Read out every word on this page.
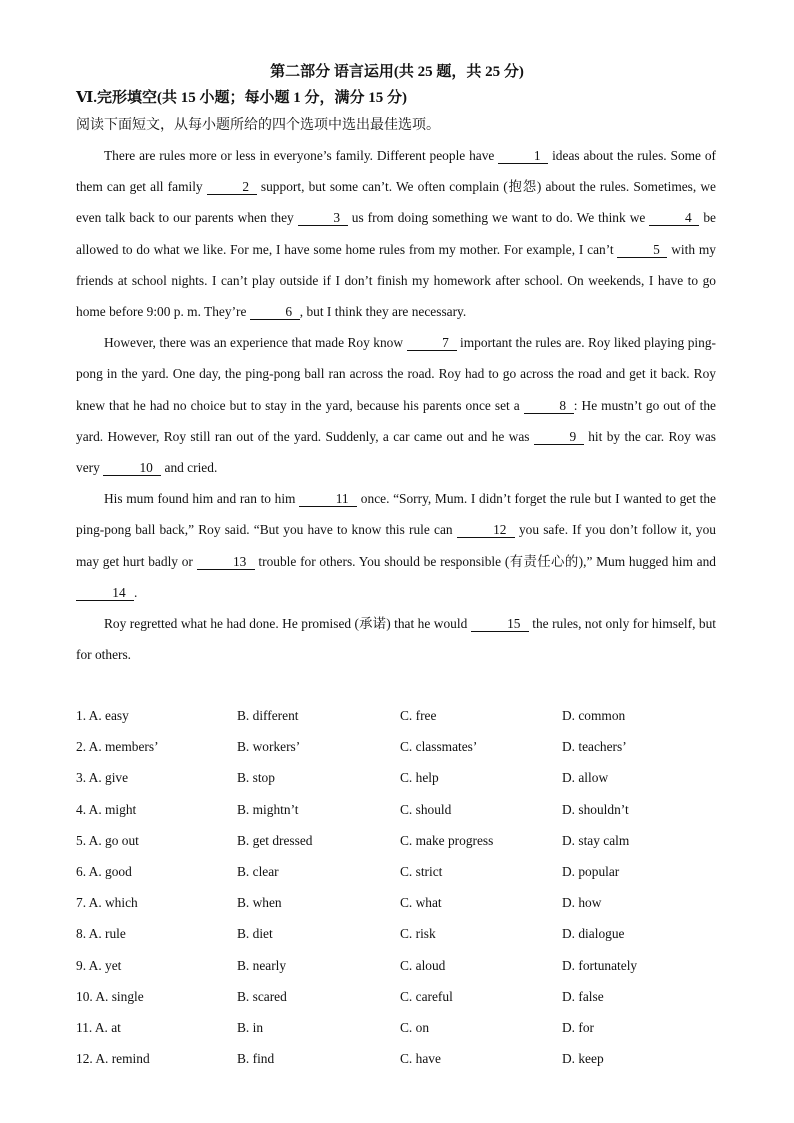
第二部分 语言运用(共 25 题，共 25 分)
Ⅵ.完形填空(共 15 小题；每小题 1 分，满分 15 分)
阅读下面短文，从每小题所给的四个选项中选出最佳选项。

There are rules more or less in everyone’s family. Different people have	1 ideas about the rules. Some of them can get all family	2 support, but some can’t. We often complain (抱怨) about the rules. Sometimes, we even talk back to our parents when they	3 us from doing something we want to do. We think we	4 be allowed to do what we like. For me, I have some home rules from my mother. For example, I can’t	5 with my friends at school nights. I can’t play outside if I don’t finish my homework after school. On weekends, I have to go home before 9:00 p. m. They’re	6 , but I think they are necessary.

However, there was an experience that made Roy know	7 important the rules are. Roy liked playing ping-pong in the yard. One day, the ping-pong ball ran across the road. Roy had to go across the road and get it back. Roy knew that he had no choice but to stay in the yard, because his parents once set a	8 : He mustn’t go out of the yard. However, Roy still ran out of the yard. Suddenly, a car came out and he was	9 hit by the car. Roy was very	10 and cried.

His mum found him and ran to him	11 once. “Sorry, Mum. I didn’t forget the rule but I wanted to get the ping-pong ball back,” Roy said. “But you have to know this rule can	12 you safe. If you don’t follow it, you may get hurt badly or	13 trouble for others. You should be responsible (有责任心的),” Mum hugged him and 14 .

Roy regretted what he had done. He promised (承诺) that he would	15 the rules, not only for himself, but for others.

1. A. easy	B. different	C. free	D. common
2. A. members’	B. workers’	C. classmates’	D. teachers’
3. A. give	B. stop	C. help	D. allow
4. A. might	B. mightn’t	C. should	D. shouldn’t
5. A. go out	B. get dressed	C. make progress	D. stay calm
6. A. good	B. clear	C. strict	D. popular
7. A. which	B. when	C. what	D. how
8. A. rule	B. diet	C. risk	D. dialogue
9. A. yet	B. nearly	C. aloud	D. fortunately
10. A. single	B. scared	C. careful	D. false
11. A. at	B. in	C. on	D. for
12. A. remind	B. find	C. have	D. keep
